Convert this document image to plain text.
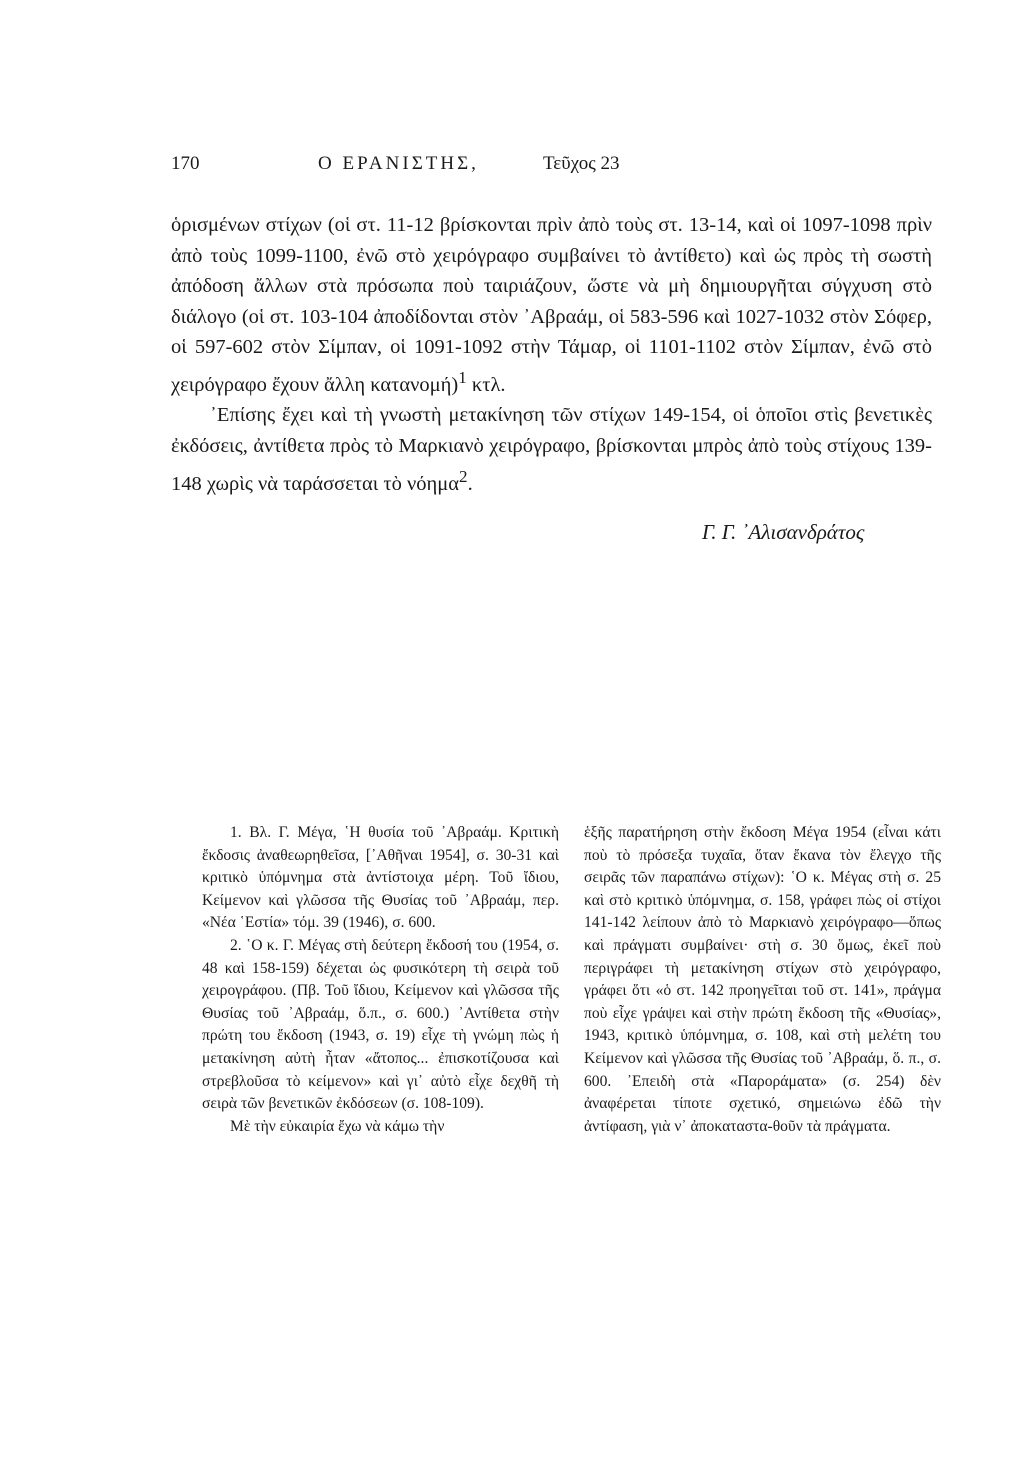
170	Ο ΕΡΑΝΙΣΤΗΣ,	Τεῦχος 23

ὁρισμένων στίχων (οἱ στ. 11-12 βρίσκονται πρὶν ἀπὸ τοὺς στ. 13-14, καὶ οἱ 1097-1098 πρὶν ἀπὸ τοὺς 1099-1100, ἐνῶ στὸ χειρόγραφο συμβαίνει τὸ ἀντίθετο) καὶ ὡς πρὸς τὴ σωστὴ ἀπόδοση ἄλλων στὰ πρόσωπα ποὺ ταιριάζουν, ὥστε νὰ μὴ δημιουργῆται σύγχυση στὸ διάλογο (οἱ στ. 103-104 ἀποδίδονται στὸν ᾿Αβραάμ, οἱ 583-596 καὶ 1027-1032 στὸν Σόφερ, οἱ 597-602 στὸν Σίμπαν, οἱ 1091-1092 στὴν Τάμαρ, οἱ 1101-1102 στὸν Σίμπαν, ἐνῶ στὸ χειρόγραφο ἔχουν ἄλλη κατανομή)$^1$ κτλ.

᾿Επίσης ἔχει καὶ τὴ γνωστὴ μετακίνηση τῶν στίχων 149-154, οἱ ὁποῖοι στὶς βενετικὲς ἐκδόσεις, ἀντίθετα πρὸς τὸ Μαρκιανὸ χειρόγραφο, βρίσκονται μπρὸς ἀπὸ τοὺς στίχους 139-148 χωρὶς νὰ ταράσσεται τὸ νόημα$^2$.

Γ. Γ. ᾿Αλισανδράτος

1. Βλ. Γ. Μέγα, ῾Η θυσία τοῦ ᾿Αβραάμ. Κριτικὴ ἔκδοσις ἀναθεωρηθεῖσα, [᾿Αθῆναι 1954], σ. 30-31 καὶ κριτικὸ ὑπόμνημα στὰ ἀντίστοιχα μέρη. Τοῦ ἴδιου, Κείμενον καὶ γλῶσσα τῆς Θυσίας τοῦ ᾿Αβραάμ, περ. «Νέα ῾Εστία» τόμ. 39 (1946), σ. 600.

2. ῾Ο κ. Γ. Μέγας στὴ δεύτερη ἔκδοσή του (1954, σ. 48 καὶ 158-159) δέχεται ὡς φυσικότερη τὴ σειρὰ τοῦ χειρογράφου. (Πβ. Τοῦ ἴδιου, Κείμενον καὶ γλῶσσα τῆς Θυσίας τοῦ ᾿Αβραάμ, ὅ.π., σ. 600.) ᾿Αντίθετα στὴν πρώτη του ἔκδοση (1943, σ. 19) εἶχε τὴ γνώμη πὼς ἡ μετακίνηση αὐτὴ ἦταν «ἄτοπος... ἐπισκοτίζουσα καὶ στρεβλοῦσα τὸ κείμενον» καὶ γι᾿ αὐτὸ εἶχε δεχθῆ τὴ σειρὰ τῶν βενετικῶν ἐκδόσεων (σ. 108-109).

Μὲ τὴν εὐκαιρία ἔχω νὰ κάμω τὴν

ἑξῆς παρατήρηση στὴν ἔκδοση Μέγα 1954 (εἶναι κάτι ποὺ τὸ πρόσεξα τυχαῖα, ὅταν ἔκανα τὸν ἔλεγχο τῆς σειρᾶς τῶν παραπάνω στίχων): ῾Ο κ. Μέγας στὴ σ. 25 καὶ στὸ κριτικὸ ὑπόμνημα, σ. 158, γράφει πὼς οἱ στίχοι 141-142 λείπουν ἀπὸ τὸ Μαρκιανὸ χειρόγραφο—ὅπως καὶ πράγματι συμβαίνει· στὴ σ. 30 ὅμως, ἐκεῖ ποὺ περιγράφει τὴ μετακίνηση στίχων στὸ χειρόγραφο, γράφει ὅτι «ὁ στ. 142 προηγεῖται τοῦ στ. 141», πράγμα ποὺ εἶχε γράψει καὶ στὴν πρώτη ἔκδοση τῆς «Θυσίας», 1943, κριτικὸ ὑπόμνημα, σ. 108, καὶ στὴ μελέτη του Κείμενον καὶ γλῶσσα τῆς Θυσίας τοῦ ᾿Αβραάμ, ὅ. π., σ. 600. ᾿Επειδὴ στὰ «Παροράματα» (σ. 254) δὲν ἀναφέρεται τίποτε σχετικό, σημειώνω ἐδῶ τὴν ἀντίφαση, γιὰ ν᾿ ἀποκαταστα-θοῦν τὰ πράγματα.
